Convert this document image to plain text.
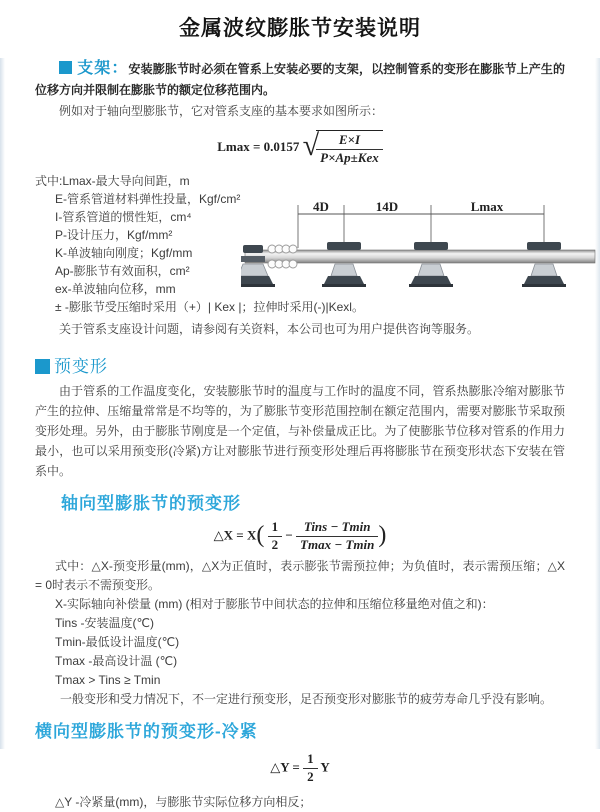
金属波纹膨胀节安装说明

支架：安装膨胀节时必须在管系上安装必要的支架，以控制管系的变形在膨胀节上产生的位移方向并限制在膨胀节的额定位移范围内。

例如对于轴向型膨胀节，它对管系支座的基本要求如图所示：

Lmax = 0.0157 √
$\frac{E\times I}{\text{P×Ap±Kex}}$

式中:Lmax-最大导向间距，m

E-管系管道材料弹性投量，Kgf/cm²

I-管系管道的惯性矩，cm⁴

P-设计压力，Kgf/mm²

K-单波轴向刚度；Kgf/mm

Ap-膨胀节有效面积，cm²

ex-单波轴向位移，mm

± -膨胀节受压缩时采用（+）| Kex |；拉伸时采用(-)|Kexl。

4D	14D	Lmax

关于管系支座设计问题，请参阅有关资料，本公司也可为用户提供咨询等服务。

预变形

由于管系的工作温度变化，安装膨胀节时的温度与工作时的温度不同，管系热膨胀冷缩对膨胀节产生的拉伸、压缩量常常是不均等的，为了膨胀节变形范围控制在额定范围内，需要对膨胀节采取预变形处理。另外，由于膨胀节刚度是一个定值，与补偿量成正比。为了使膨胀节位移对管系的作用力最小，也可以采用预变形(冷紧)方让对膨胀节进行预变形处理后再将膨胀节在预变形状态下安装在管系中。

轴向型膨胀节的预变形
△X = $X( \frac{1}{2} - \frac{\text{Tins − Tmin}}{Tmax - Tmin}$ )

式中：△X-预变形量(mm)，△X为正值时，表示膨张节需预拉伸；为负值时，表示需预压缩；△X = 0时表示不需预变形。

X-实际轴向补偿量 (mm) (相对于膨胀节中间状态的拉伸和压缩位移量绝对值之和)：

Tins -安装温度(℃)

Tmin-最低设计温度(℃)

Tmax -最高设计温 (℃)

Tmax > Tins ≥ Tmin

一般变形和受力情况下，不一定进行预变形，足否预变形对膨胀节的疲劳寿命几乎没有影响。

横向型膨胀节的预变形-冷紧
△Y = $\frac{1}{2}$ Y

△Y -冷紧量(mm)，与膨胀节实际位移方向相反；
